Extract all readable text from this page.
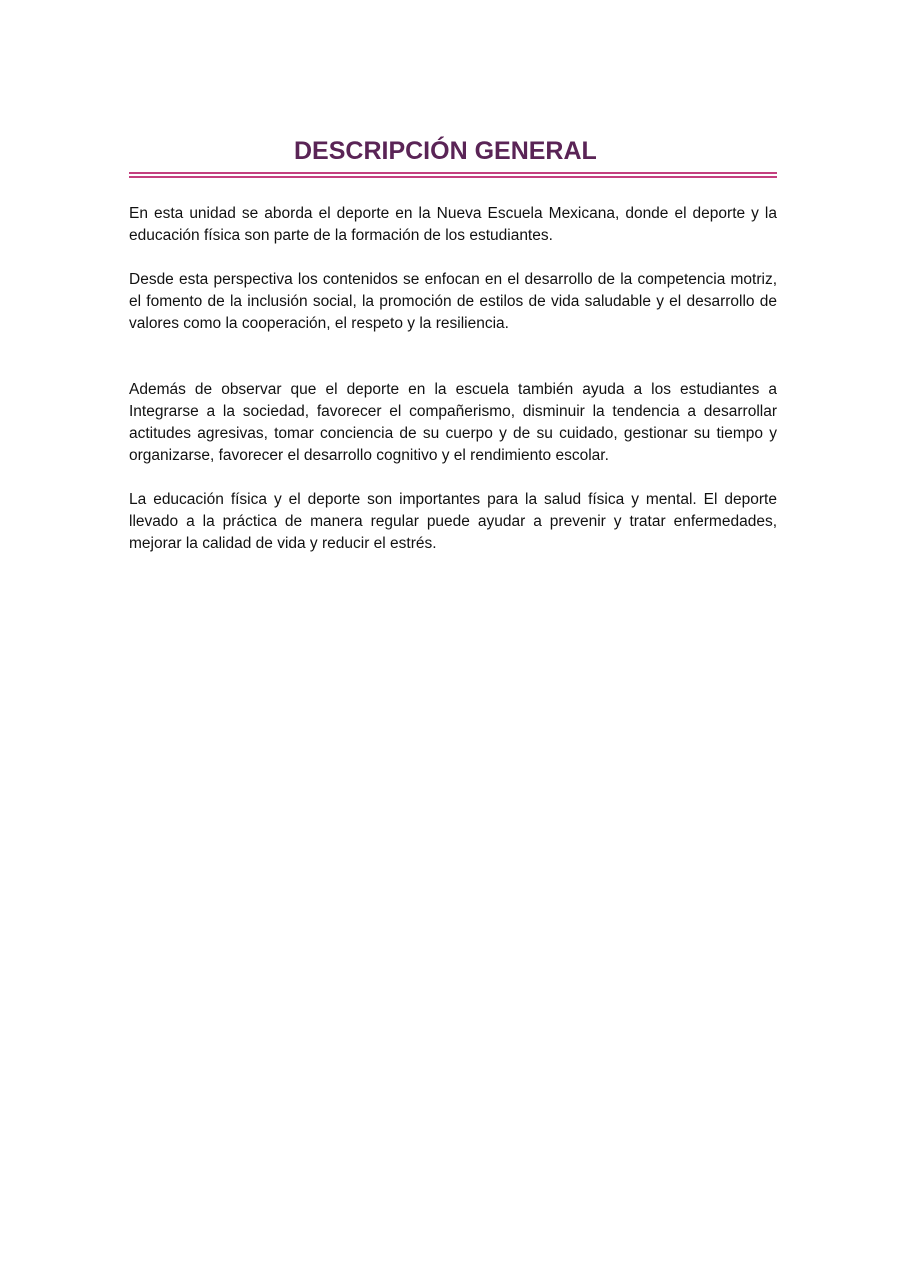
DESCRIPCIÓN GENERAL

En esta unidad se aborda el deporte en la Nueva Escuela Mexicana, donde el deporte y la educación física son parte de la formación de los estudiantes.

Desde esta perspectiva los contenidos se enfocan en el desarrollo de la competencia motriz, el fomento de la inclusión social, la promoción de estilos de vida saludable y el desarrollo de valores como la cooperación, el respeto y la resiliencia.

Además de observar que el deporte en la escuela también ayuda a los estudiantes a Integrarse a la sociedad, favorecer el compañerismo, disminuir la tendencia a desarrollar actitudes agresivas, tomar conciencia de su cuerpo y de su cuidado, gestionar su tiempo y organizarse, favorecer el desarrollo cognitivo y el rendimiento escolar.

La educación física y el deporte son importantes para la salud física y mental. El deporte llevado a la práctica de manera regular puede ayudar a prevenir y tratar enfermedades, mejorar la calidad de vida y reducir el estrés.
